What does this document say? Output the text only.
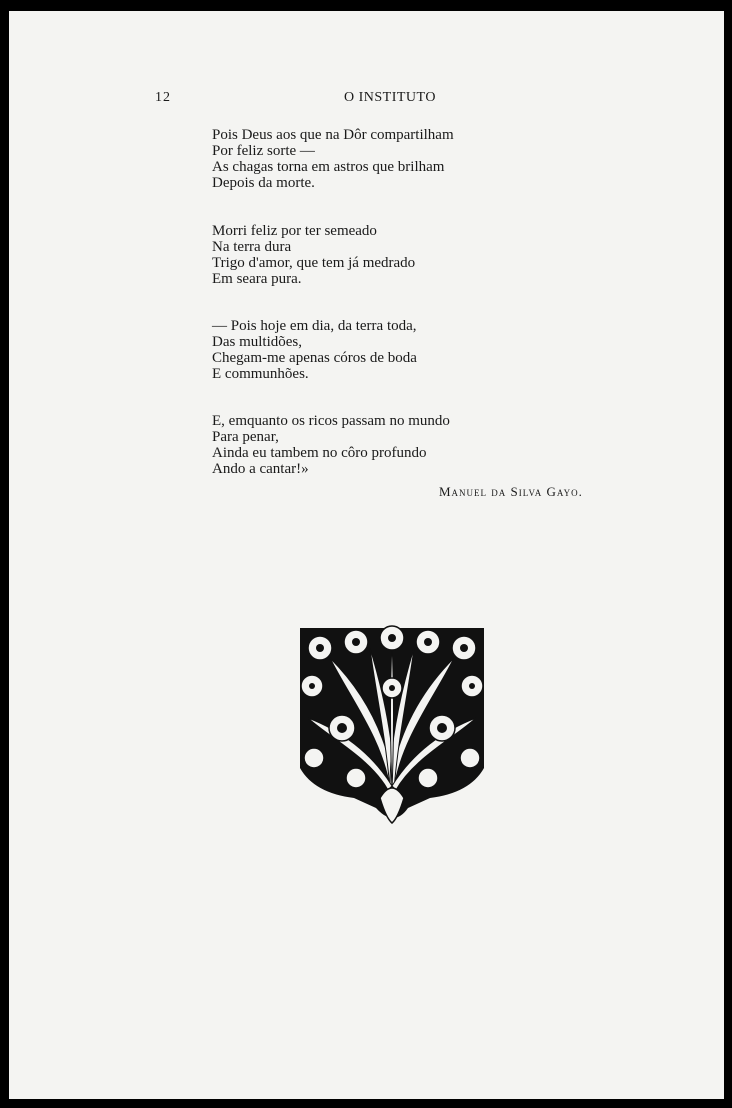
12	O INSTITUTO
Pois Deus aos que na Dôr compartilham
Por feliz sorte —
As chagas torna em astros que brilham
Depois da morte.
Morri feliz por ter semeado
Na terra dura
Trigo d'amor, que tem já medrado
Em seara pura.
— Pois hoje em dia, da terra toda,
Das multidões,
Chegam-me apenas córos de boda
E communhões.
E, emquanto os ricos passam no mundo
Para penar,
Ainda eu tambem no côro profundo
Ando a cantar!»
Manuel da Silva Gayo.
